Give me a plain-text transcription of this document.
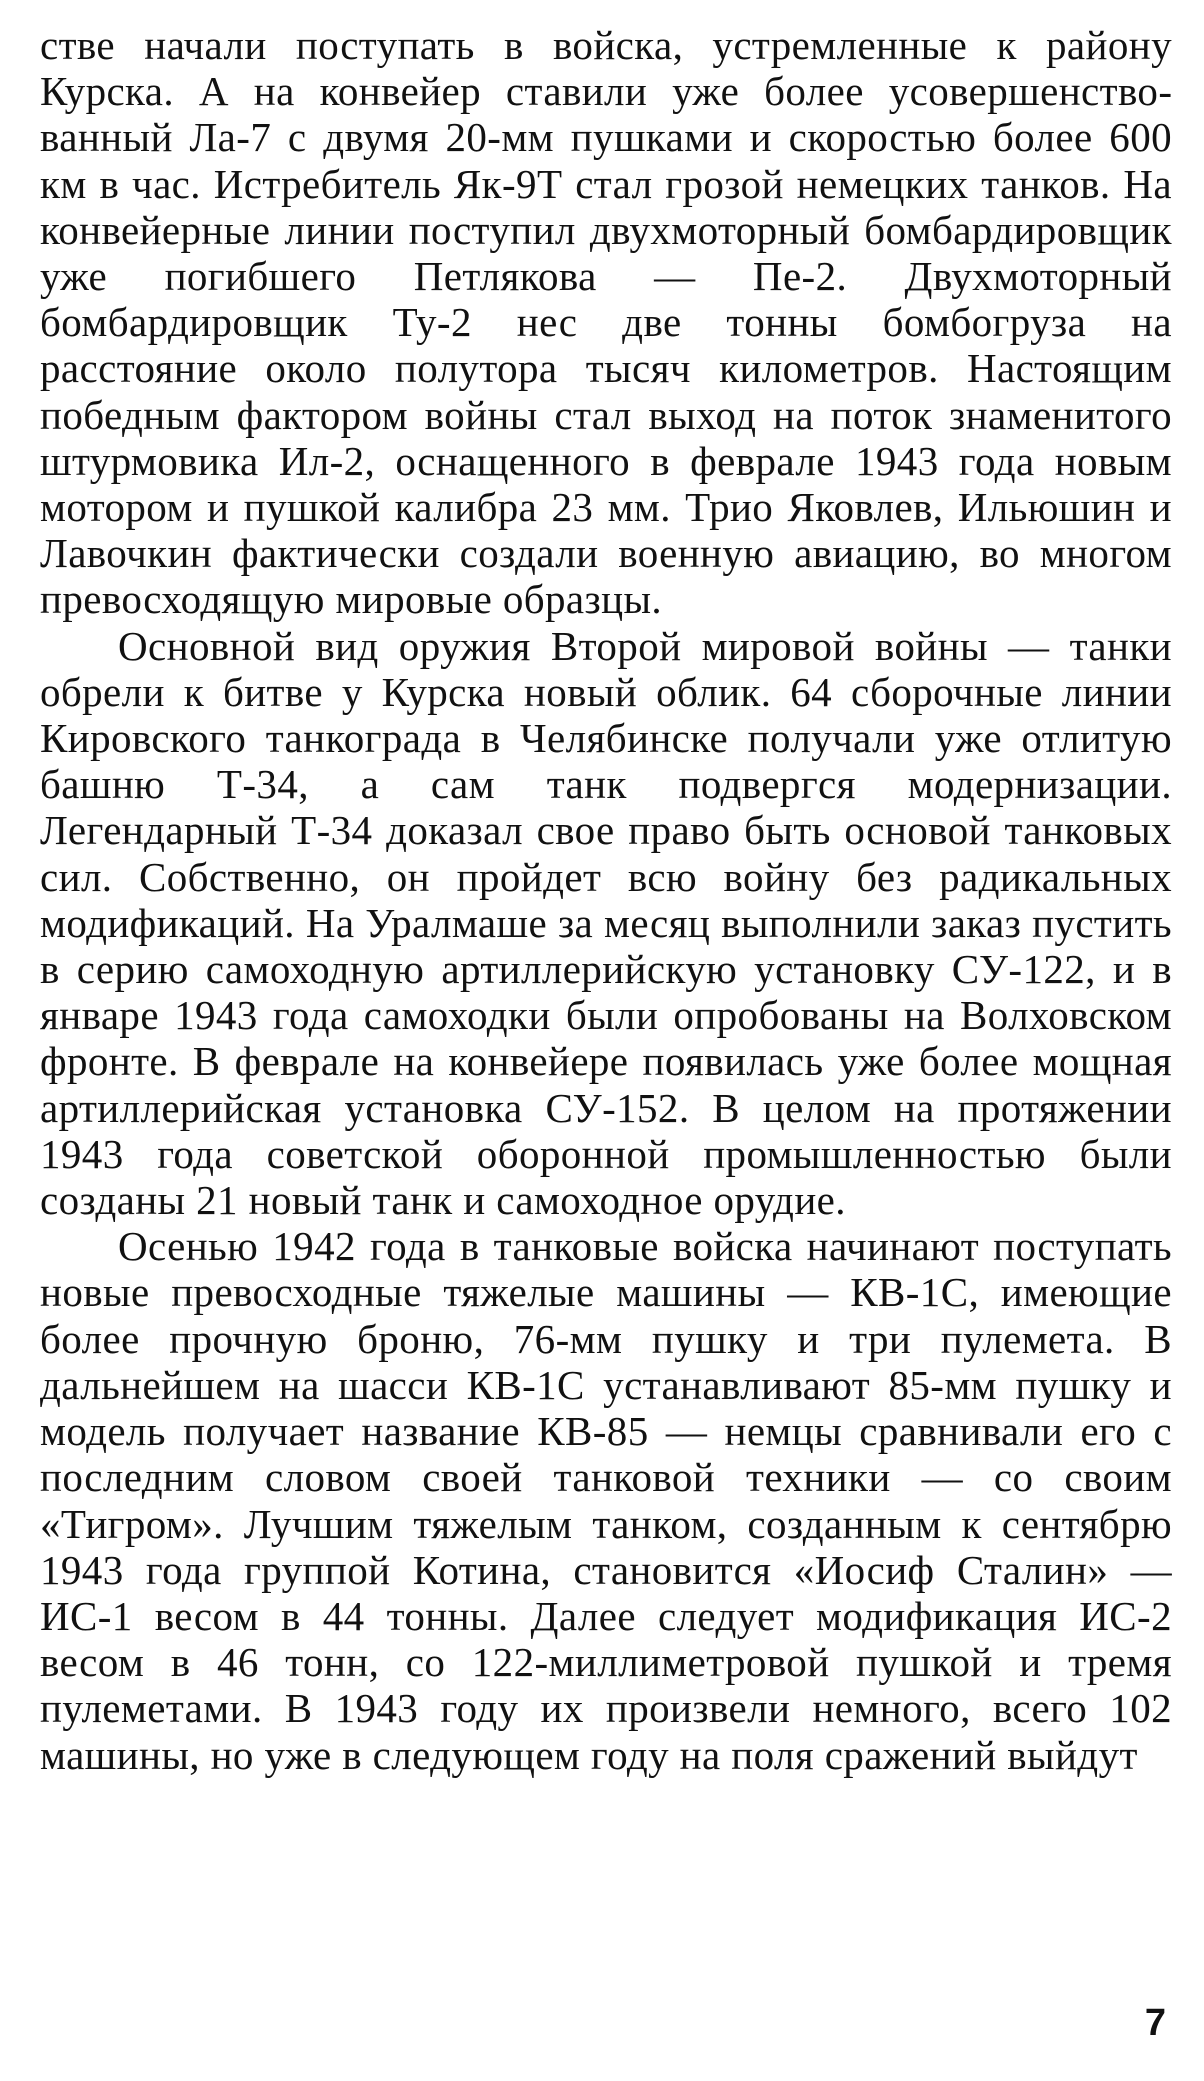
стве начали поступать в войска, устремленные к району Курска. А на конвейер ставили уже более усовершенствованный Ла-7 с двумя 20-мм пушками и скоростью более 600 км в час. Истребитель Як-9Т стал грозой немецких танков. На конвейерные линии поступил двухмоторный бомбардировщик уже погибшего Петлякова — Пе-2. Двухмоторный бомбардировщик Ту-2 нес две тонны бомбогруза на расстояние около полутора тысяч километров. Настоящим победным фактором войны стал выход на поток знаменитого штурмовика Ил-2, оснащенного в феврале 1943 года новым мотором и пушкой калибра 23 мм. Трио Яковлев, Ильюшин и Лавочкин фактически создали военную авиацию, во многом превосходящую мировые образцы.

Основной вид оружия Второй мировой войны — танки обрели к битве у Курска новый облик. 64 сборочные линии Кировского танкограда в Челябинске получали уже отлитую башню Т-34, а сам танк подвергся модернизации. Легендарный Т-34 доказал свое право быть основой танковых сил. Собственно, он пройдет всю войну без радикальных модификаций. На Уралмаше за месяц выполнили заказ пустить в серию самоходную артиллерийскую установку СУ-122, и в январе 1943 года самоходки были опробованы на Волховском фронте. В феврале на конвейере появилась уже более мощная артиллерийская установка СУ-152. В целом на протяжении 1943 года советской оборонной промышленностью были созданы 21 новый танк и самоходное орудие.

Осенью 1942 года в танковые войска начинают поступать новые превосходные тяжелые машины — КВ-1С, имеющие более прочную броню, 76-мм пушку и три пулемета. В дальнейшем на шасси КВ-1С устанавливают 85-мм пушку и модель получает название КВ-85 — немцы сравнивали его с последним словом своей танковой техники — со своим «Тигром». Лучшим тяжелым танком, созданным к сентябрю 1943 года группой Котина, становится «Иосиф Сталин» — ИС-1 весом в 44 тонны. Далее следует модификация ИС-2 весом в 46 тонн, со 122-миллиметровой пушкой и тремя пулеметами. В 1943 году их произвели немного, всего 102 машины, но уже в следующем году на поля сражений выйдут

7
